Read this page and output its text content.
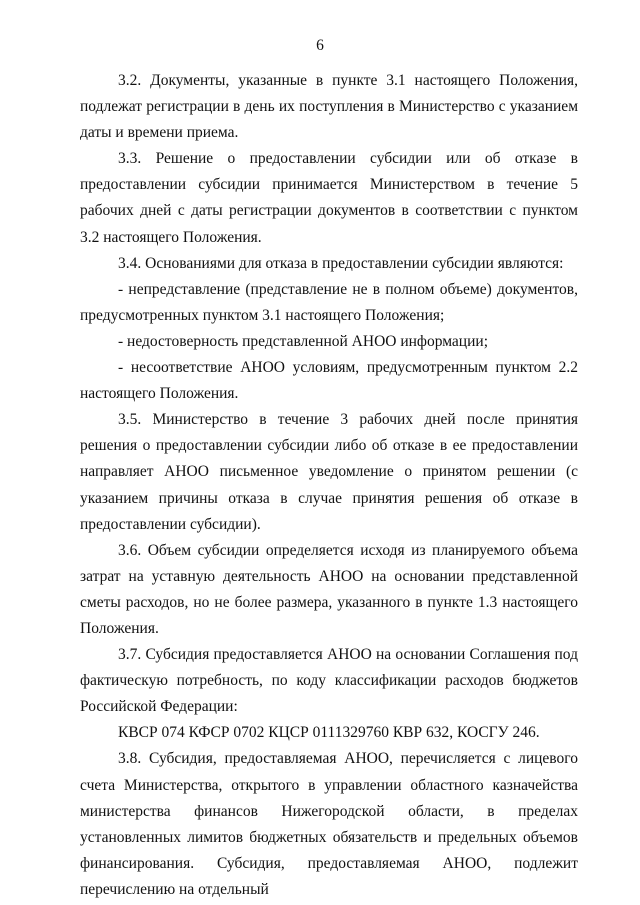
6

3.2. Документы, указанные в пункте 3.1 настоящего Положения, подлежат регистрации в день их поступления в Министерство с указанием даты и времени приема.

3.3. Решение о предоставлении субсидии или об отказе в предоставлении субсидии принимается Министерством в течение 5 рабочих дней с даты регистрации документов в соответствии с пунктом 3.2 настоящего Положения.

3.4. Основаниями для отказа в предоставлении субсидии являются:

- непредставление (представление не в полном объеме) документов, предусмотренных пунктом 3.1 настоящего Положения;

- недостоверность представленной АНОО информации;

- несоответствие АНОО условиям, предусмотренным пунктом 2.2 настоящего Положения.

3.5. Министерство в течение 3 рабочих дней после принятия решения о предоставлении субсидии либо об отказе в ее предоставлении направляет АНОО письменное уведомление о принятом решении (с указанием причины отказа в случае принятия решения об отказе в предоставлении субсидии).

3.6. Объем субсидии определяется исходя из планируемого объема затрат на уставную деятельность АНОО на основании представленной сметы расходов, но не более размера, указанного в пункте 1.3 настоящего Положения.

3.7. Субсидия предоставляется АНОО на основании Соглашения под фактическую потребность, по коду классификации расходов бюджетов Российской Федерации:

КВСР 074 КФСР 0702 КЦСР 0111329760 КВР 632, КОСГУ 246.

3.8. Субсидия, предоставляемая АНОО, перечисляется с лицевого счета Министерства, открытого в управлении областного казначейства министерства финансов Нижегородской области, в пределах установленных лимитов бюджетных обязательств и предельных объемов финансирования. Субсидия, предоставляемая АНОО, подлежит перечислению на отдельный
